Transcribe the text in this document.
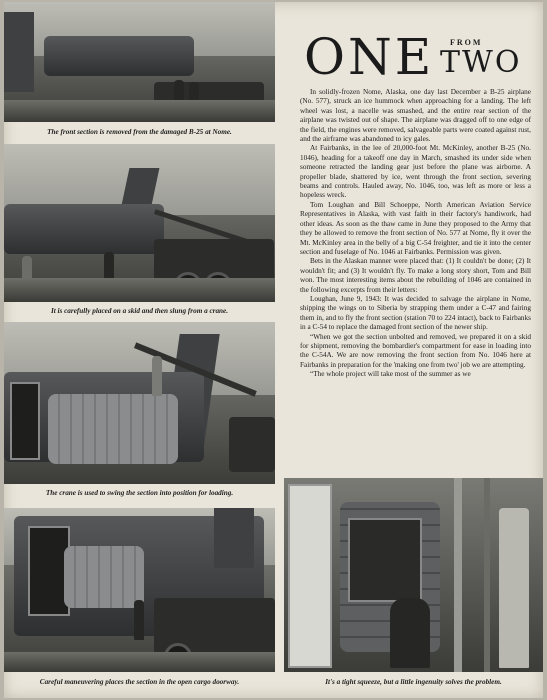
The front section is removed from the damaged B-25 at Nome.
It is carefully placed on a skid and then slung from a crane.
The crane is used to swing the section into position for loading.
Careful maneuvering places the section in the open cargo doorway.	It's a tight squeeze, but a little ingenuity solves the problem.
ONE FROM
TWO

In solidly-frozen Nome, Alaska, one day last December a B-25 airplane (No. 577), struck an ice hummock when approaching for a landing. The left wheel was lost, a nacelle was smashed, and the entire rear section of the airplane was twisted out of shape. The airplane was dragged off to one edge of the field, the engines were removed, salvageable parts were coated against rust, and the airframe was abandoned to icy gales.

At Fairbanks, in the lee of 20,000-foot Mt. McKinley, another B-25 (No. 1046), heading for a takeoff one day in March, smashed its under side when someone retracted the landing gear just before the plane was airborne. A propeller blade, shattered by ice, went through the front section, severing beams and controls. Hauled away, No. 1046, too, was left as more or less a hopeless wreck.

Tom Loughan and Bill Schoeppe, North American Aviation Service Representatives in Alaska, with vast faith in their factory's handiwork, had other ideas. As soon as the thaw came in June they proposed to the Army that they be allowed to remove the front section of No. 577 at Nome, fly it over the Mt. McKinley area in the belly of a big C-54 freighter, and tie it into the center section and fuselage of No. 1046 at Fairbanks. Permission was given.

Bets in the Alaskan manner were placed that: (1) It couldn't be done; (2) It wouldn't fit; and (3) It wouldn't fly. To make a long story short, Tom and Bill won. The most interesting items about the rebuilding of 1046 are contained in the following excerpts from their letters:

Loughan, June 9, 1943: It was decided to salvage the airplane in Nome, shipping the wings on to Siberia by strapping them under a C-47 and fairing them in, and to fly the front section (station 70 to 224 intact), back to Fairbanks in a C-54 to replace the damaged front section of the newer ship.

“When we got the section unbolted and removed, we prepared it on a skid for shipment, removing the bombardier's compartment for ease in loading into the C-54A. We are now removing the front section from No. 1046 here at Fairbanks in preparation for the 'making one from two' job we are attempting.

“The whole project will take most of the summer as we
